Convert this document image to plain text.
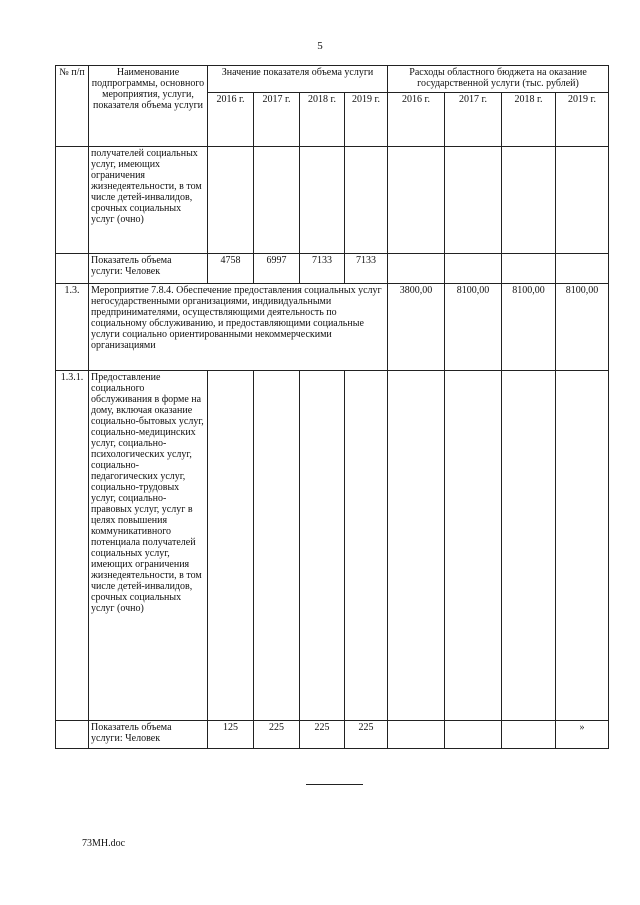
5
№ п/п	Наименование подпрограммы, основного мероприятия, услуги, показателя объема услуги	Значение показателя объема услуги				Расходы областного бюджета на оказание государственной услуги (тыс. рублей)			
		2016 г.	2017 г.	2018 г.	2019 г.	2016 г.	2017 г.	2018 г.	2019 г.
	получателей социальных услуг, имеющих ограничения жизнедеятельности, в том числе детей-инвалидов, срочных социальных услуг (очно)								
	Показатель объема услуги: Человек	4758	6997	7133	7133				
1.3.	Мероприятие 7.8.4. Обеспечение предоставления социальных услуг негосударственными организациями, индивидуальными предпринимателями, осуществляющими деятельность по социальному обслуживанию, и предоставляющими социальные услуги социально ориентированными некоммерческими организациями					3800,00	8100,00	8100,00	8100,00
1.3.1.	Предоставление социального обслуживания в форме на дому, включая оказание социально-бытовых услуг, социально-медицинских услуг, социально-психологических услуг, социально-педагогических услуг, социально-трудовых услуг, социально-правовых услуг, услуг в целях повышения коммуникативного потенциала получателей социальных услуг, имеющих ограничения жизнедеятельности, в том числе детей-инвалидов, срочных социальных услуг (очно)								
	Показатель объема услуги: Человек	125	225	225	225				»
73МН.doc
